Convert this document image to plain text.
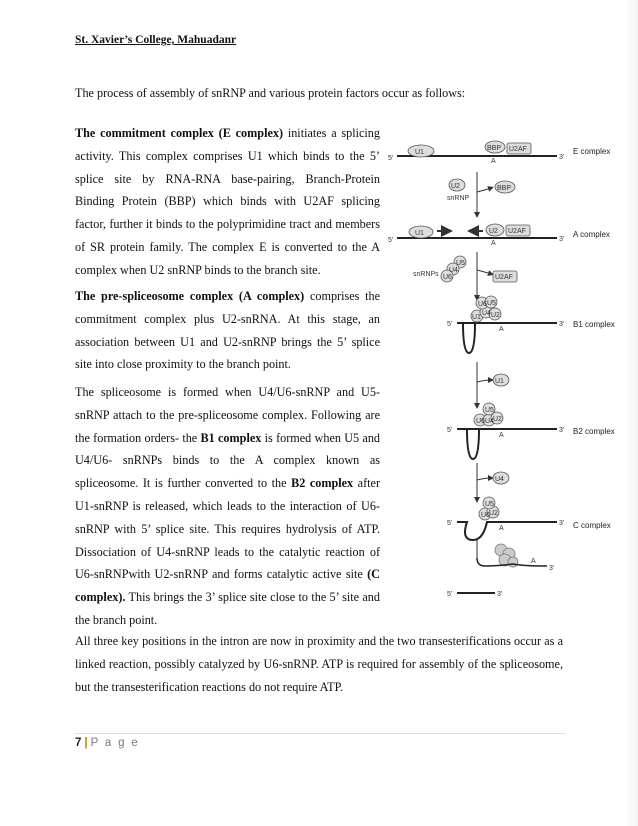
St. Xavier’s College, Mahuadanr
The process of assembly of snRNP and various protein factors occur as follows:

The commitment complex (E complex) initiates a splicing activity. This complex comprises U1 which binds to the 5’ splice site by RNA-RNA base-pairing, Branch-Protein Binding Protein (BBP) which binds with U2AF splicing factor, further it binds to the polyprimidine tract and members of SR protein family. The complex E is converted to the A complex when U2 snRNP binds to the branch site.

The pre-spliceosome complex (A complex) comprises the commitment complex plus U2-snRNA. At this stage, an association between U1 and U2-snRNP brings the 5’ splice site into close proximity to the branch point.

The spliceosome is formed when U4/U6-snRNP and U5-snRNP attach to the pre-spliceosome complex. Following are the formation orders- the B1 complex is formed when U5 and U4/U6- snRNPs binds to the A complex known as spliceosome. It is further converted to the B2 complex after U1-snRNP is released, which leads to the interaction of U6-snRNP with 5’ splice site. This requires hydrolysis of ATP. Dissociation of U4-snRNP leads to the catalytic reaction of U6-snRNPwith U2-snRNP and forms catalytic active site (C complex). This brings the 3’ splice site close to the 5’ site and the branch point.

All three key positions in the intron are now in proximity and the two transesterifications occur as a linked reaction, possibly catalyzed by U6-snRNP. ATP is required for assembly of the spliceosome, but the transesterification reactions do not require ATP.

7 | P a g e
5’	3’
U1
BBP U2AF
A
E complex
U2
snRNP
BBP
5’	3’
U1	U2 U2AF
A
A complex
U5
U4
U6
snRNPs	U2AF
5’	3’
U1
U4 U2
U6 U5
A
B1 complex
U1
5’	3’
U6 U4 U2
U5
A	B2 complex
U4
5’	3’
U6 U2
U5
A	C complex
A
3’
5’	3’
